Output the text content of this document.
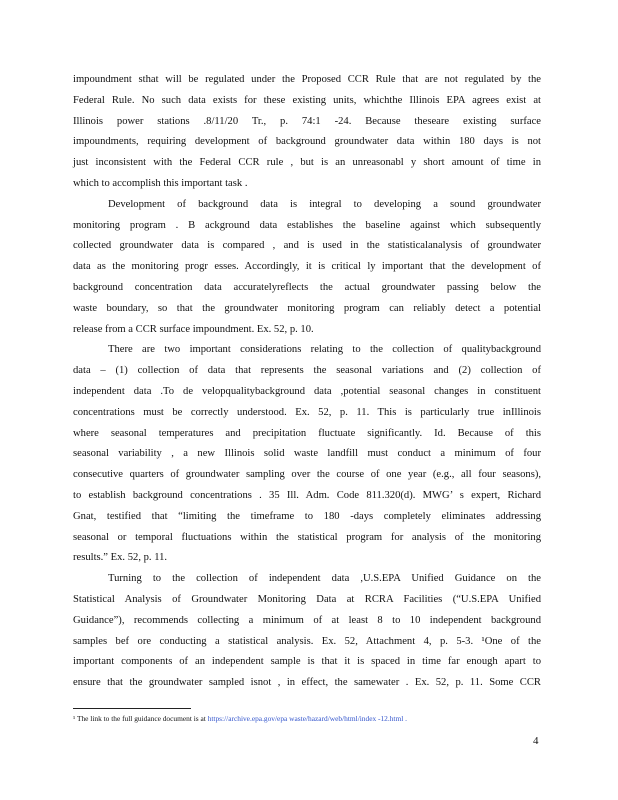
impoundment sthat will be regulated under the Proposed CCR Rule that are not regulated by the
Federal Rule. No such data exists for these existing units, whichthe Illinois EPA agrees exist at
Illinois power stations .8/11/20 Tr., p. 74:1 -24. Because theseare existing surface
impoundments, requiring development of background groundwater data within 180 days is not
just inconsistent with the Federal CCR rule , but is an unreasonabl y short amount of time in
which to accomplish this important task .
Development of background data is integral to developing a sound groundwater
monitoring program . B ackground data establishes the baseline against which subsequently
collected groundwater data is compared , and is used in the statisticalanalysis of groundwater
data as the monitoring progr esses. Accordingly, it is critical ly important that the development of
background concentration data accuratelyreflects the actual groundwater passing below the
waste boundary, so that the groundwater monitoring program can reliably detect a potential
release from a CCR surface impoundment. Ex. 52, p. 10.
There are two important considerations relating to the collection of qualitybackground
data – (1) collection of data that represents the seasonal variations and (2) collection of
independent data .To de velopqualitybackground data ,potential seasonal changes in constituent
concentrations must be correctly understood. Ex. 52, p. 11. This is particularly true inIllinois
where seasonal temperatures and precipitation fluctuate significantly. Id. Because of this
seasonal variability , a new Illinois solid waste landfill must conduct a minimum of four
consecutive quarters of groundwater sampling over the course of one year (e.g., all four seasons),
to establish background concentrations . 35 Ill. Adm. Code 811.320(d). MWG’ s expert, Richard
Gnat, testified that “limiting the timeframe to 180 -days completely eliminates addressing
seasonal or temporal fluctuations within the statistical program for analysis of the monitoring
results.” Ex. 52, p. 11.
Turning to the collection of independent data ,U.S.EPA Unified Guidance on the
Statistical Analysis of Groundwater Monitoring Data at RCRA Facilities (“U.S.EPA Unified
Guidance”), recommends collecting a minimum of at least 8 to 10 independent background
samples bef ore conducting a statistical analysis. Ex. 52, Attachment 4, p. 5-3. ¹One of the
important components of an independent sample is that it is spaced in time far enough apart to
ensure that the groundwater sampled isnot , in effect, the samewater . Ex. 52, p. 11. Some CCR
¹ The link to the full guidance document is at https://archive.epa.gov/epa waste/hazard/web/html/index -12.html .
4
